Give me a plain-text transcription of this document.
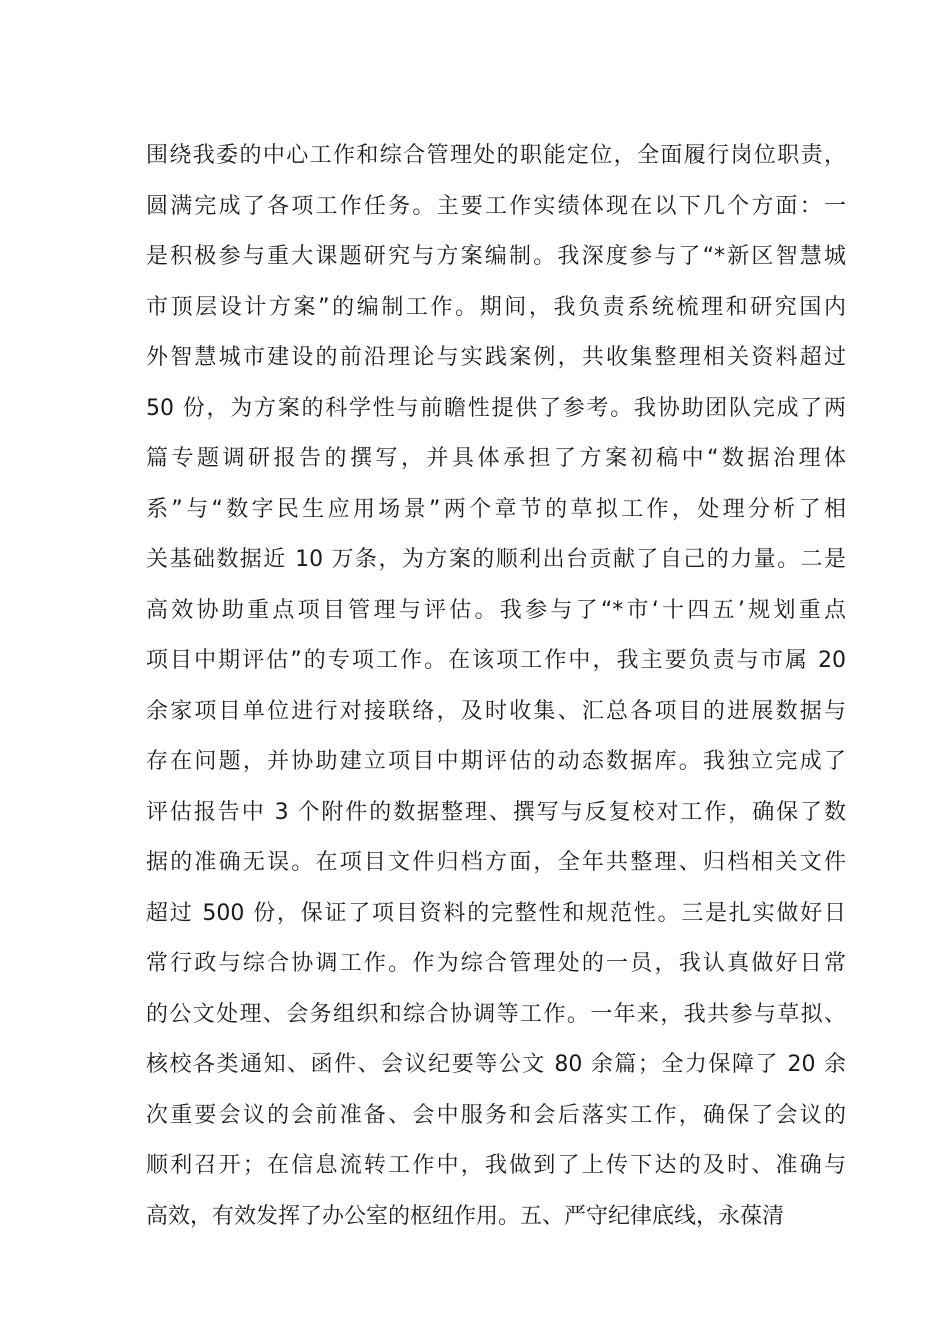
围绕我委的中心工作和综合管理处的职能定位，全面履行岗位职责，
圆满完成了各项工作任务。主要工作实绩体现在以下几个方面：一
是积极参与重大课题研究与方案编制。我深度参与了“*新区智慧城
市顶层设计方案”的编制工作。期间，我负责系统梳理和研究国内
外智慧城市建设的前沿理论与实践案例，共收集整理相关资料超过
50 份，为方案的科学性与前瞻性提供了参考。我协助团队完成了两
篇专题调研报告的撰写，并具体承担了方案初稿中“数据治理体
系”与“数字民生应用场景”两个章节的草拟工作，处理分析了相
关基础数据近 10 万条，为方案的顺利出台贡献了自己的力量。二是
高效协助重点项目管理与评估。我参与了“*市‘十四五’规划重点
项目中期评估”的专项工作。在该项工作中，我主要负责与市属 20
余家项目单位进行对接联络，及时收集、汇总各项目的进展数据与
存在问题，并协助建立项目中期评估的动态数据库。我独立完成了
评估报告中 3 个附件的数据整理、撰写与反复校对工作，确保了数
据的准确无误。在项目文件归档方面，全年共整理、归档相关文件
超过 500 份，保证了项目资料的完整性和规范性。三是扎实做好日
常行政与综合协调工作。作为综合管理处的一员，我认真做好日常
的公文处理、会务组织和综合协调等工作。一年来，我共参与草拟、
核校各类通知、函件、会议纪要等公文 80 余篇；全力保障了 20 余
次重要会议的会前准备、会中服务和会后落实工作，确保了会议的
顺利召开；在信息流转工作中，我做到了上传下达的及时、准确与
高效，有效发挥了办公室的枢纽作用。五、严守纪律底线，永葆清
